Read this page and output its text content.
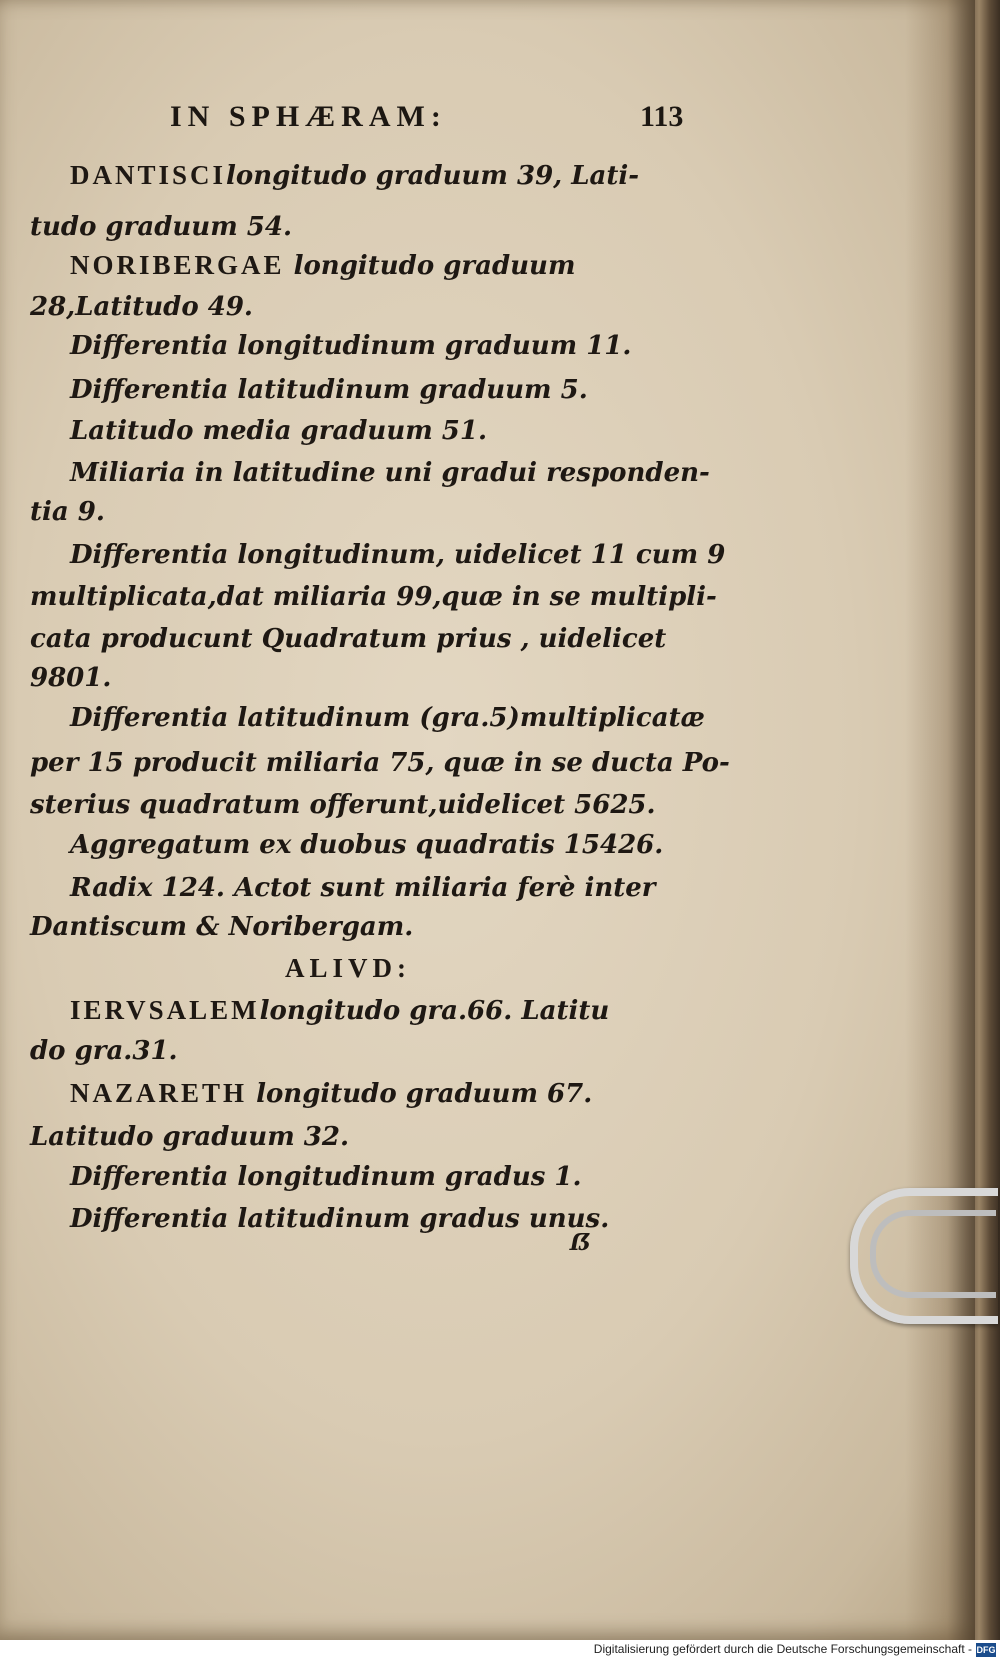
IN SPHÆRAM:	113
DANTISCIlongitudo graduum 39, Lati-
tudo graduum 54.
NORIBERGAE longitudo graduum
28,Latitudo 49.
Differentia longitudinum graduum 11.
Differentia latitudinum graduum 5.
Latitudo media graduum 51.
Miliaria in latitudine uni gradui responden-
tia 9.
Differentia longitudinum, uidelicet 11 cum 9
multiplicata,dat miliaria 99,quæ in se multipli-
cata producunt Quadratum prius , uidelicet
9801.
Differentia latitudinum (gra.5)multiplicatæ
per 15 producit miliaria 75, quæ in se ducta Po-
sterius quadratum offerunt,uidelicet 5625.
Aggregatum ex duobus quadratis 15426.
Radix 124. Actot sunt miliaria ferè inter
Dantiscum & Noribergam.
ALIVD:
IERVSALEMlongitudo gra.66. Latitu
do gra.31.
NAZARETH longitudo graduum 67.
Latitudo graduum 32.
Differentia longitudinum gradus 1.
Differentia latitudinum gradus unus.
ẞ
Digitalisierung gefördert durch die Deutsche Forschungsgemeinschaft - DFG
